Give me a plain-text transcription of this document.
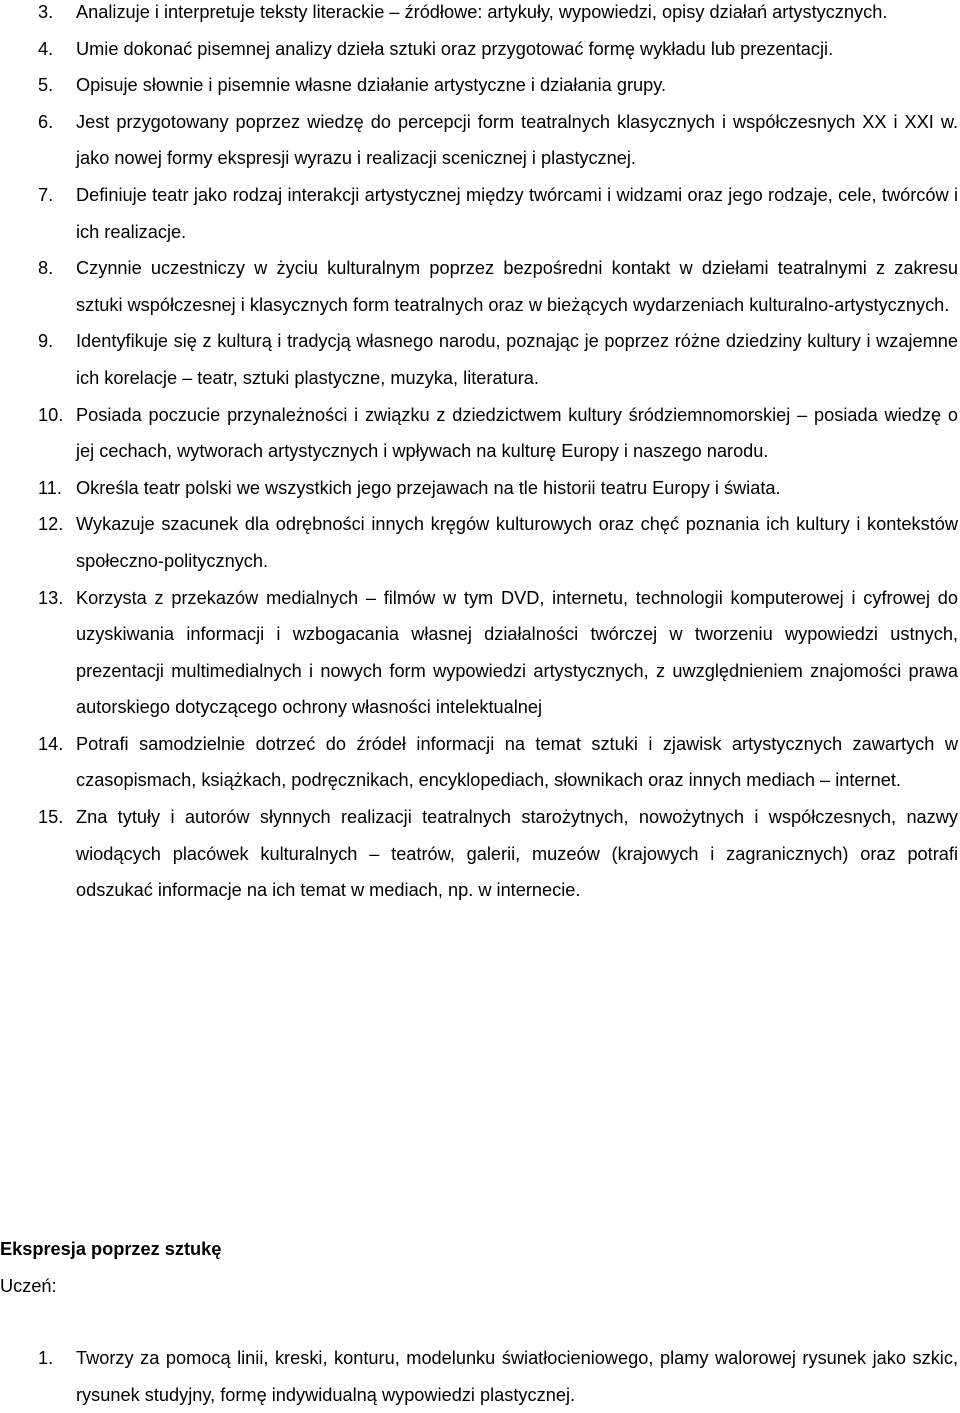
3. Analizuje i interpretuje teksty literackie – źródłowe: artykuły, wypowiedzi, opisy działań artystycznych.
4. Umie dokonać pisemnej analizy dzieła sztuki oraz przygotować formę wykładu lub prezentacji.
5. Opisuje słownie i pisemnie własne działanie artystyczne i działania grupy.
6. Jest przygotowany poprzez wiedzę do percepcji form teatralnych klasycznych i współczesnych XX i XXI w. jako nowej formy ekspresji wyrazu i realizacji scenicznej i plastycznej.
7. Definiuje teatr jako rodzaj interakcji artystycznej między twórcami i widzami oraz jego rodzaje, cele, twórców i ich realizacje.
8. Czynnie uczestniczy w życiu kulturalnym poprzez bezpośredni kontakt w dziełami teatralnymi z zakresu sztuki współczesnej i klasycznych form teatralnych oraz w bieżących wydarzeniach kulturalno-artystycznych.
9. Identyfikuje się z kulturą i tradycją własnego narodu, poznając je poprzez różne dziedziny kultury i wzajemne ich korelacje – teatr, sztuki plastyczne, muzyka, literatura.
10. Posiada poczucie przynależności i związku z dziedzictwem kultury śródziemnomorskiej – posiada wiedzę o jej cechach, wytworach artystycznych i wpływach na kulturę Europy i naszego narodu.
11. Określa teatr polski we wszystkich jego przejawach na tle historii teatru Europy i świata.
12. Wykazuje szacunek dla odrębności innych kręgów kulturowych oraz chęć poznania ich kultury i kontekstów społeczno-politycznych.
13. Korzysta z przekazów medialnych – filmów w tym DVD, internetu, technologii komputerowej i cyfrowej do uzyskiwania informacji i wzbogacania własnej działalności twórczej w tworzeniu wypowiedzi ustnych, prezentacji multimedialnych i nowych form wypowiedzi artystycznych, z uwzględnieniem znajomości prawa autorskiego dotyczącego ochrony własności intelektualnej
14. Potrafi samodzielnie dotrzeć do źródeł informacji na temat sztuki i zjawisk artystycznych zawartych w czasopismach, książkach, podręcznikach, encyklopediach, słownikach oraz innych mediach – internet.
15. Zna tytuły i autorów słynnych realizacji teatralnych starożytnych, nowożytnych i współczesnych, nazwy wiodących placówek kulturalnych – teatrów, galerii, muzeów (krajowych i zagranicznych) oraz potrafi odszukać informacje na ich temat w mediach, np. w internecie.
Ekspresja poprzez sztukę
Uczeń:
1. Tworzy za pomocą linii, kreski, konturu, modelunku światłocieniowego, plamy walorowej rysunek jako szkic, rysunek studyjny, formę indywidualną wypowiedzi plastycznej.
